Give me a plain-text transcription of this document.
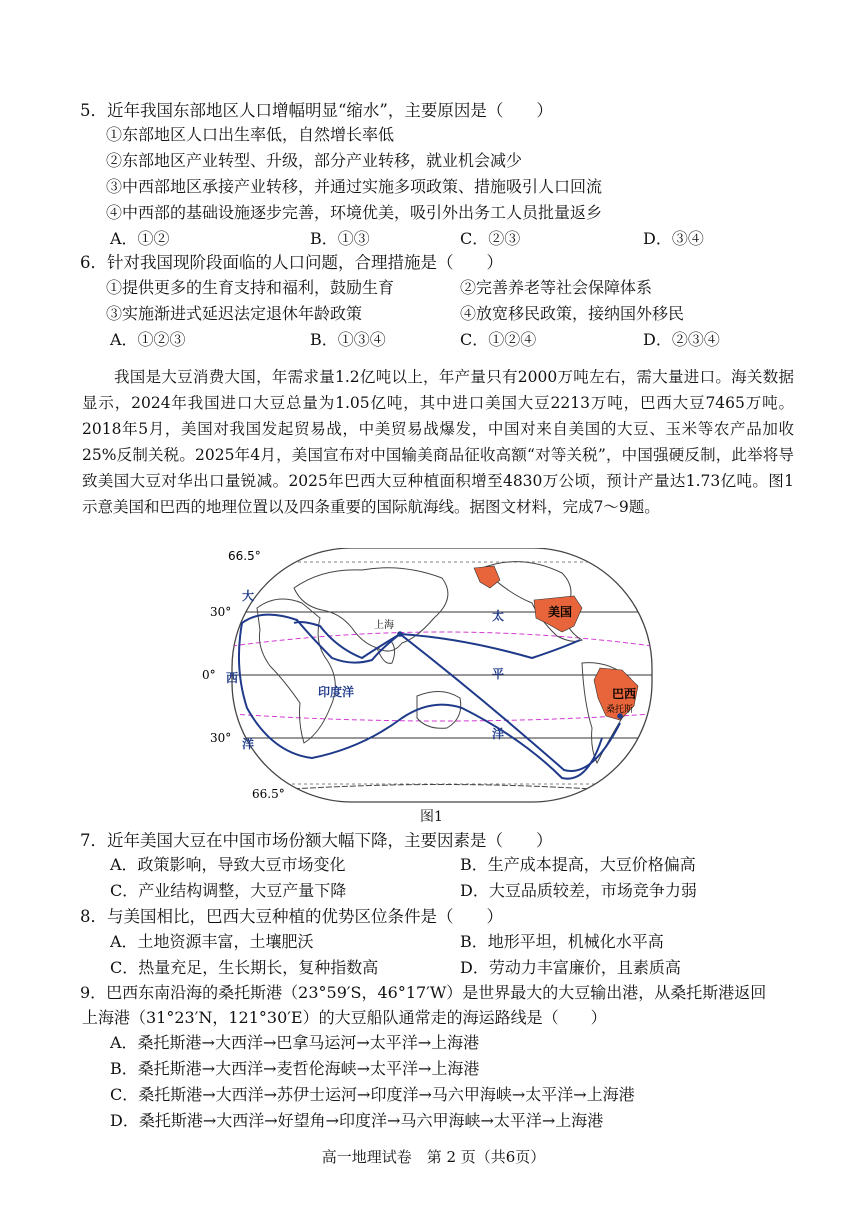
5．近年我国东部地区人口增幅明显“缩水”，主要原因是（　　）
①东部地区人口出生率低，自然增长率低
②东部地区产业转型、升级，部分产业转移，就业机会减少
③中西部地区承接产业转移，并通过实施多项政策、措施吸引人口回流
④中西部的基础设施逐步完善，环境优美，吸引外出务工人员批量返乡
A．①②	B．①③	C．②③	D．③④
6．针对我国现阶段面临的人口问题，合理措施是（　　）
①提供更多的生育支持和福利，鼓励生育	②完善养老等社会保障体系
③实施渐进式延迟法定退休年龄政策	④放宽移民政策，接纳国外移民
A．①②③	B．①③④	C．①②④	D．②③④
我国是大豆消费大国，年需求量1.2亿吨以上，年产量只有2000万吨左右，需大量进口。海关数据显示，2024年我国进口大豆总量为1.05亿吨，其中进口美国大豆2213万吨，巴西大豆7465万吨。2018年5月，美国对我国发起贸易战，中美贸易战爆发，中国对来自美国的大豆、玉米等农产品加收25%反制关税。2025年4月，美国宣布对中国输美商品征收高额“对等关税”，中国强硬反制，此举将导致美国大豆对华出口量锐减。2025年巴西大豆种植面积增至4830万公顷，预计产量达1.73亿吨。图1示意美国和巴西的地理位置以及四条重要的国际航海线。据图文材料，完成7～9题。
66.5°
30°
0°
30°
66.5°
大
西
洋
太
平
洋
印度洋
上海
美国
巴西
桑托斯
图1
7．近年美国大豆在中国市场份额大幅下降，主要因素是（　　）
A．政策影响，导致大豆市场变化	B．生产成本提高，大豆价格偏高
C．产业结构调整，大豆产量下降	D．大豆品质较差，市场竞争力弱
8．与美国相比，巴西大豆种植的优势区位条件是（　　）
A．土地资源丰富，土壤肥沃	B．地形平坦，机械化水平高
C．热量充足，生长期长，复种指数高	D．劳动力丰富廉价，且素质高
9．巴西东南沿海的桑托斯港（23°59′S，46°17′W）是世界最大的大豆输出港，从桑托斯港返回
上海港（31°23′N，121°30′E）的大豆船队通常走的海运路线是（　　）
A．桑托斯港→大西洋→巴拿马运河→太平洋→上海港
B．桑托斯港→大西洋→麦哲伦海峡→太平洋→上海港
C．桑托斯港→大西洋→苏伊士运河→印度洋→马六甲海峡→太平洋→上海港
D．桑托斯港→大西洋→好望角→印度洋→马六甲海峡→太平洋→上海港
高一地理试卷　第 2 页（共6页）
